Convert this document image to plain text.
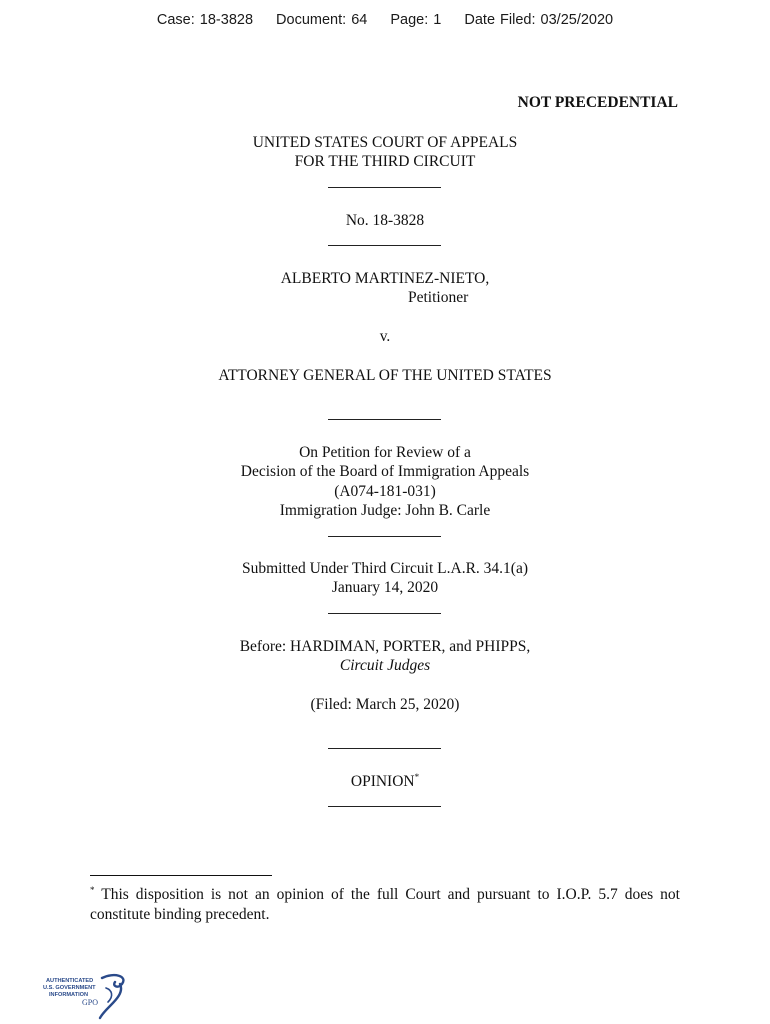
Case: 18-3828 Document: 64 Page: 1 Date Filed: 03/25/2020
NOT PRECEDENTIAL
UNITED STATES COURT OF APPEALS
FOR THE THIRD CIRCUIT
No. 18-3828
ALBERTO MARTINEZ-NIETO,
Petitioner
v.
ATTORNEY GENERAL OF THE UNITED STATES
On Petition for Review of a
Decision of the Board of Immigration Appeals
(A074-181-031)
Immigration Judge: John B. Carle
Submitted Under Third Circuit L.A.R. 34.1(a)
January 14, 2020
Before: HARDIMAN, PORTER, and PHIPPS,
Circuit Judges
(Filed: March 25, 2020)
OPINION*
* This disposition is not an opinion of the full Court and pursuant to I.O.P. 5.7 does not constitute binding precedent.
AUTHENTICATED
U.S. GOVERNMENT
INFORMATION
GPO
